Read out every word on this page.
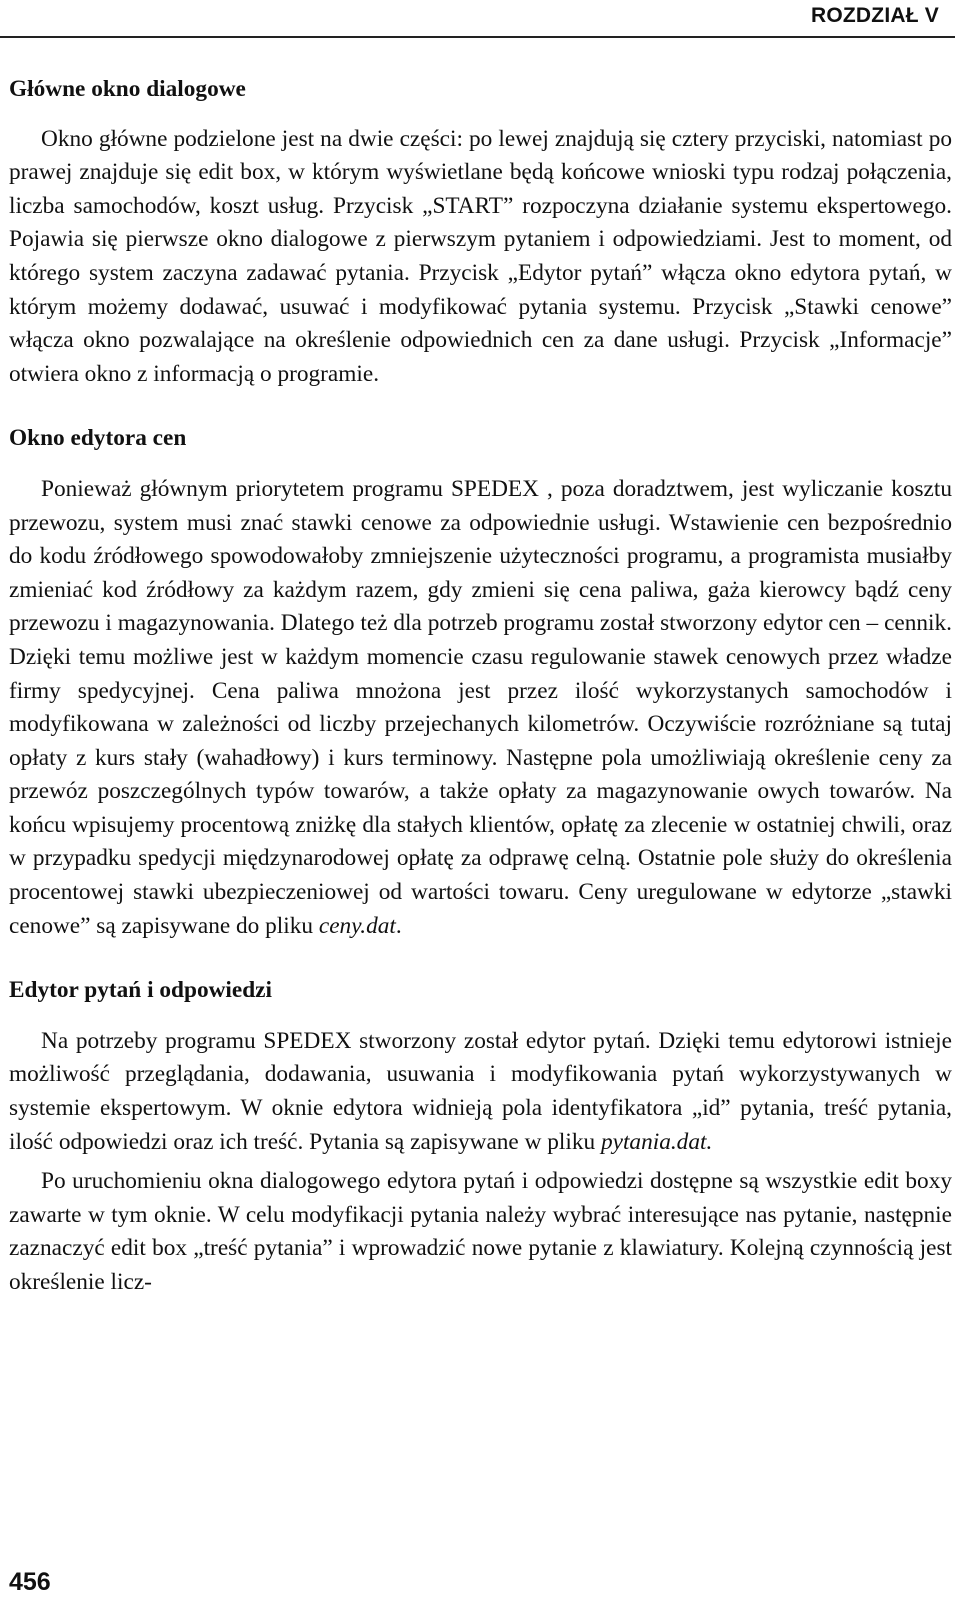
ROZDZIAŁ V
Główne okno dialogowe

Okno główne podzielone jest na dwie części: po lewej znajdują się cztery przyciski, natomiast po prawej znajduje się edit box, w którym wyświetlane będą końcowe wnioski typu rodzaj połączenia, liczba samochodów, koszt usług. Przycisk „START” rozpoczyna działanie systemu ekspertowego. Pojawia się pierwsze okno dialogowe z pierwszym pytaniem i odpowiedziami. Jest to moment, od którego system zaczyna zadawać pytania. Przycisk „Edytor pytań” włącza okno edytora pytań, w którym możemy dodawać, usuwać i modyfikować pytania systemu. Przycisk „Stawki cenowe” włącza okno pozwalające na określenie odpowiednich cen za dane usługi. Przycisk „Informacje” otwiera okno z informacją o programie.

Okno edytora cen

Ponieważ głównym priorytetem programu SPEDEX , poza doradztwem, jest wyliczanie kosztu przewozu, system musi znać stawki cenowe za odpowiednie usługi. Wstawienie cen bezpośrednio do kodu źródłowego spowodowałoby zmniejszenie użyteczności programu, a programista musiałby zmieniać kod źródłowy za każdym razem, gdy zmieni się cena paliwa, gaża kierowcy bądź ceny przewozu i magazynowania. Dlatego też dla potrzeb programu został stworzony edytor cen – cennik. Dzięki temu możliwe jest w każdym momencie czasu regulowanie stawek cenowych przez władze firmy spedycyjnej. Cena paliwa mnożona jest przez ilość wykorzystanych samochodów i modyfikowana w zależności od liczby przejechanych kilometrów. Oczywiście rozróżniane są tutaj opłaty z kurs stały (wahadłowy) i kurs terminowy. Następne pola umożliwiają określenie ceny za przewóz poszczególnych typów towarów, a także opłaty za magazynowanie owych towarów. Na końcu wpisujemy procentową zniżkę dla stałych klientów, opłatę za zlecenie w ostatniej chwili, oraz w przypadku spedycji międzynarodowej opłatę za odprawę celną. Ostatnie pole służy do określenia procentowej stawki ubezpieczeniowej od wartości towaru. Ceny uregulowane w edytorze „stawki cenowe” są zapisywane do pliku ceny.dat.

Edytor pytań i odpowiedzi

Na potrzeby programu SPEDEX stworzony został edytor pytań. Dzięki temu edytorowi istnieje możliwość przeglądania, dodawania, usuwania i modyfikowania pytań wykorzystywanych w systemie ekspertowym. W oknie edytora widnieją pola identyfikatora „id” pytania, treść pytania, ilość odpowiedzi oraz ich treść. Pytania są zapisywane w pliku pytania.dat.

Po uruchomieniu okna dialogowego edytora pytań i odpowiedzi dostępne są wszystkie edit boxy zawarte w tym oknie. W celu modyfikacji pytania należy wybrać interesujące nas pytanie, następnie zaznaczyć edit box „treść pytania” i wprowadzić nowe pytanie z klawiatury. Kolejną czynnością jest określenie licz-

456
